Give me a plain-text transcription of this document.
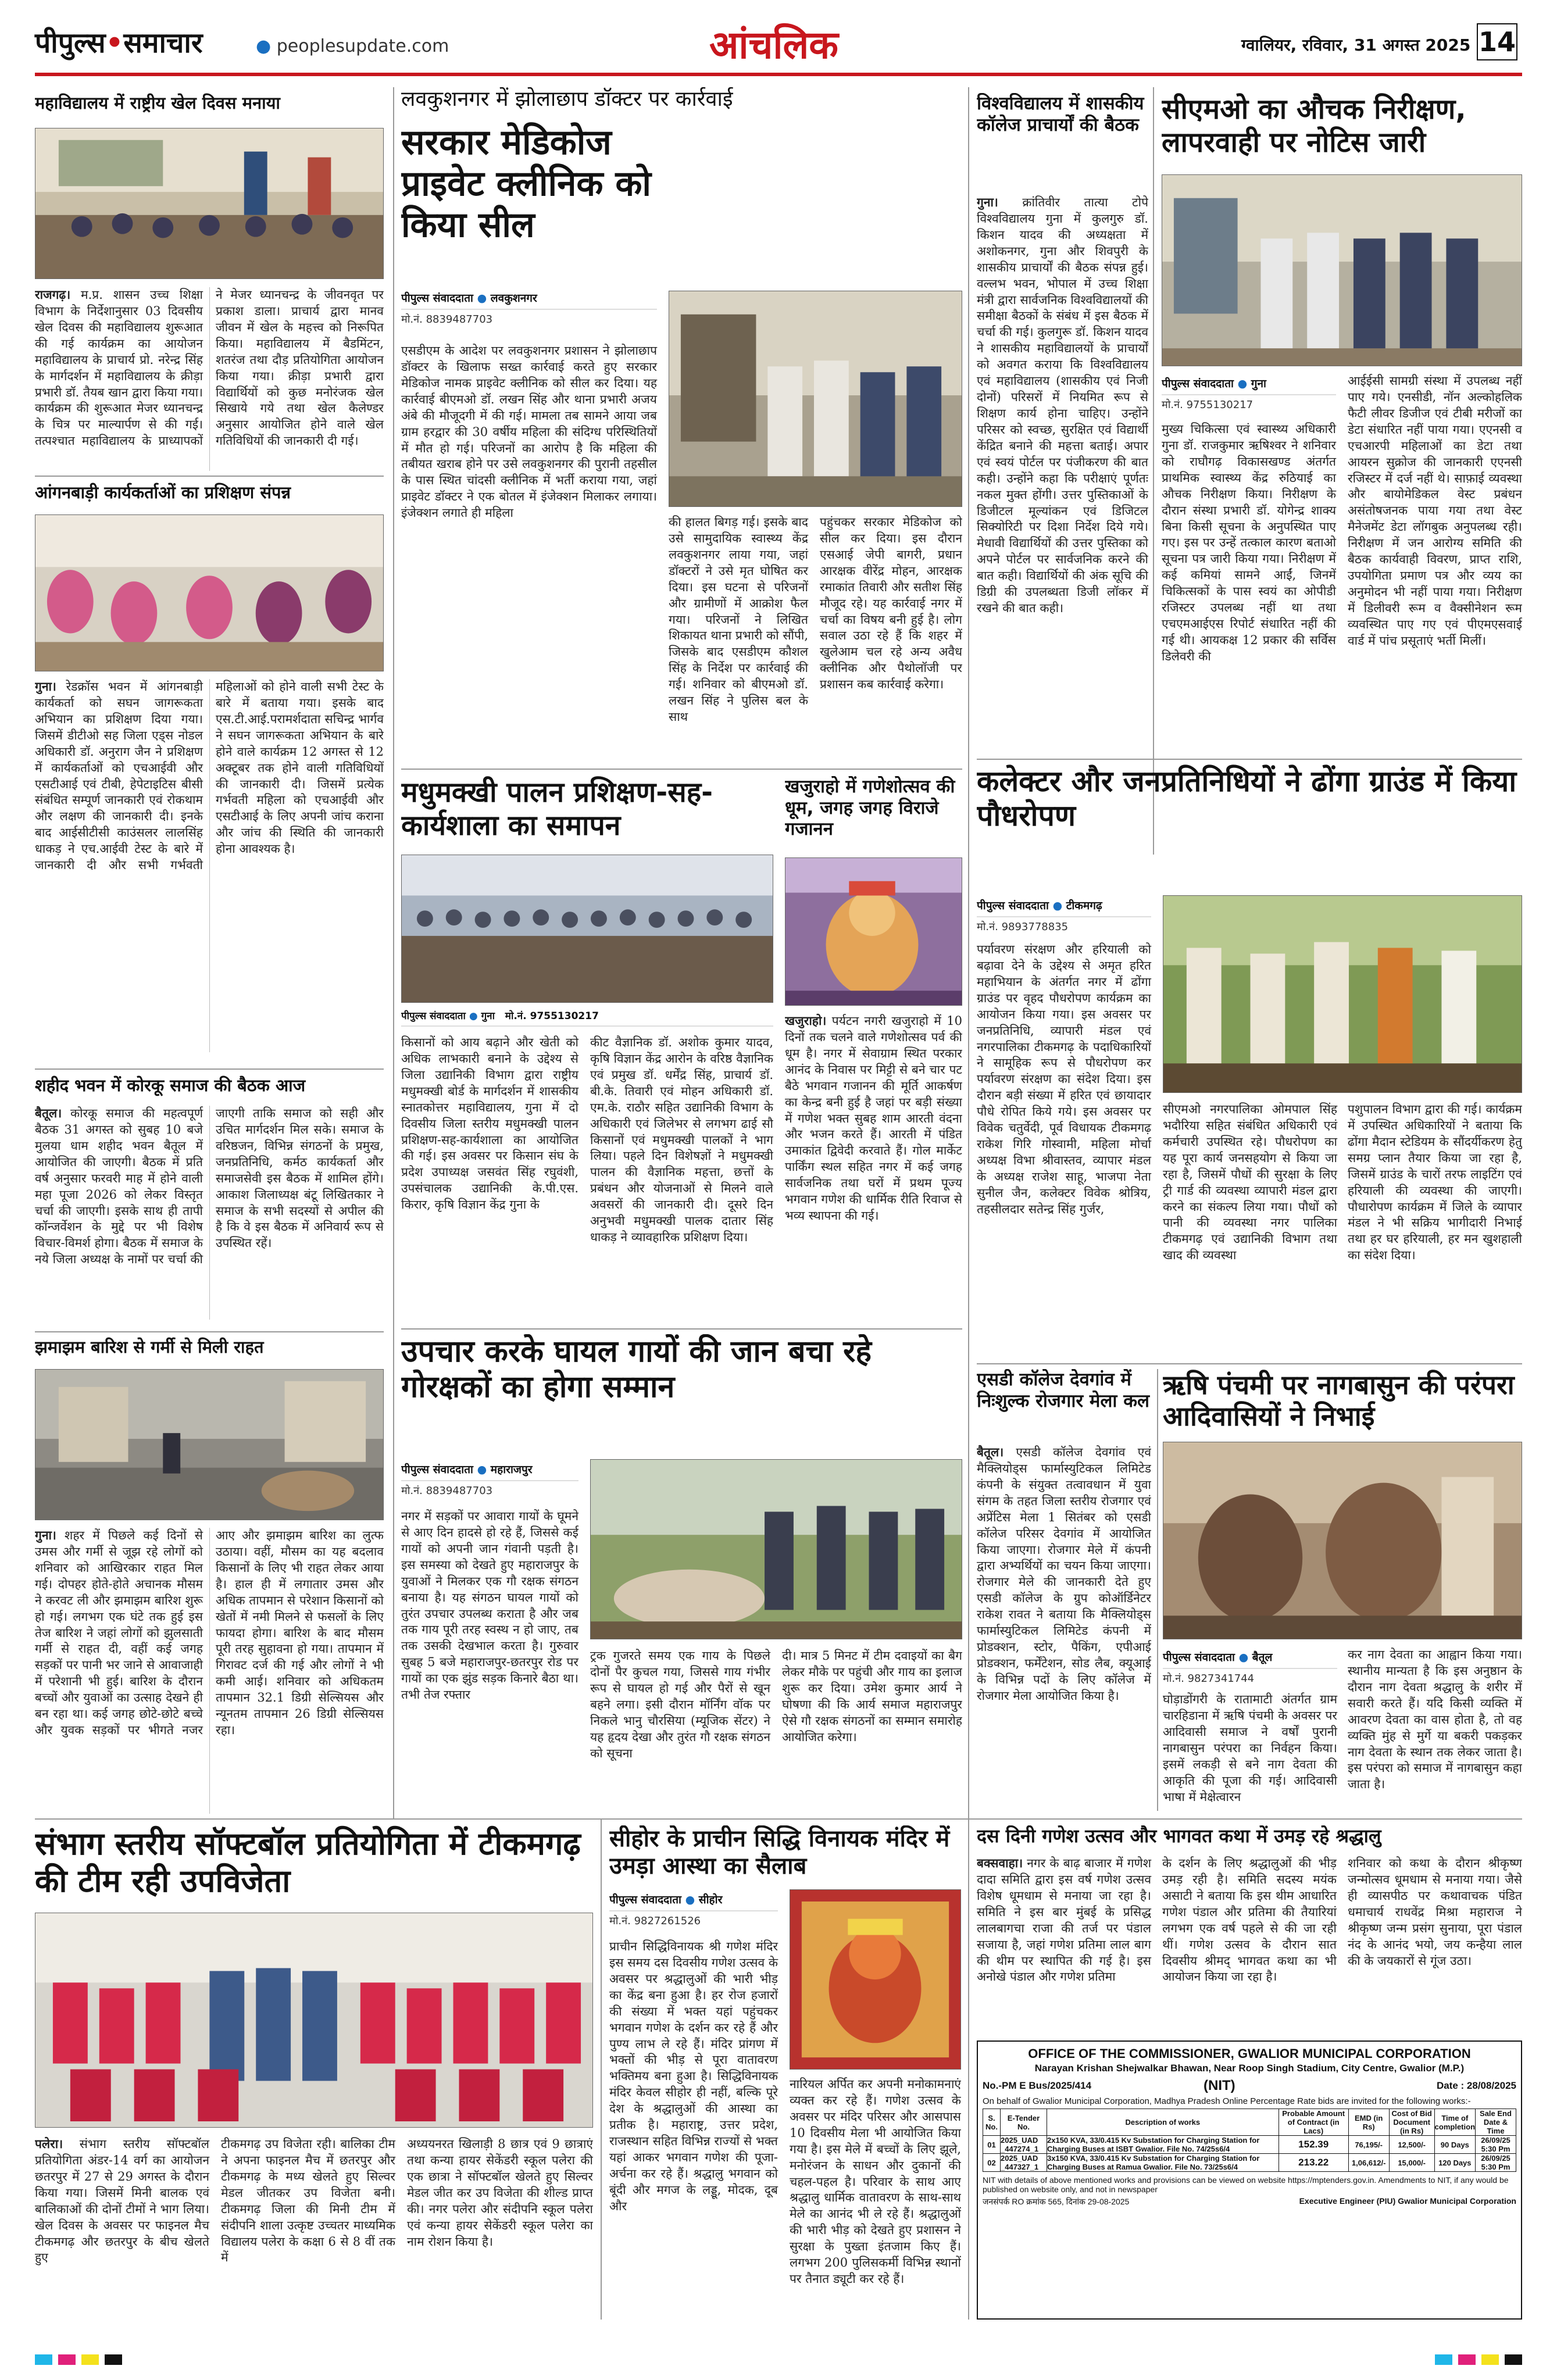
पीपुल्स•समाचार	● peoplesupdate.com	आंचलिक	ग्वालियर, रविवार, 31 अगस्त 2025 14
महाविद्यालय में राष्ट्रीय खेल दिवस मनाया
राजगढ़। म.प्र. शासन उच्च शिक्षा विभाग के निर्देशानुसार 03 दिवसीय खेल दिवस की महाविद्यालय शुरूआत की गई कार्यक्रम का आयोजन महाविद्यालय के प्राचार्य प्रो. नरेन्द्र सिंह के मार्गदर्शन में महाविद्यालय के क्रीड़ा प्रभारी डॉ. तैयब खान द्वारा किया गया। कार्यक्रम की शुरूआत मेजर ध्यानचन्द्र के चित्र पर माल्यार्पण से की गई। तत्पश्चात महाविद्यालय के प्राध्यापकों ने मेजर ध्यानचन्द्र के जीवनवृत पर प्रकाश डाला। प्राचार्य द्वारा मानव जीवन में खेल के महत्त्व को निरूपित किया। महाविद्यालय में बैडमिंटन, शतरंज तथा दौड़ प्रतियोगिता आयोजन किया गया। क्रीड़ा प्रभारी द्वारा विद्यार्थियों को कुछ मनोरंजक खेल सिखाये गये तथा खेल कैलेण्डर अनुसार आयोजित होने वाले खेल गतिविधियों की जानकारी दी गई।
आंगनबाड़ी कार्यकर्ताओं का प्रशिक्षण संपन्न
गुना। रेडक्रॉस भवन में आंगनबाड़ी कार्यकर्ता को सघन जागरूकता अभियान का प्रशिक्षण दिया गया। जिसमें डीटीओ सह जिला एड्स नोडल अधिकारी डॉ. अनुराग जैन ने प्रशिक्षण में कार्यकर्ताओं को एचआईवी और एसटीआई एवं टीबी, हेपेटाइटिस बीसी संबंधित सम्पूर्ण जानकारी एवं रोकथाम और लक्षण की जानकारी दी। इनके बाद आईसीटीसी काउंसलर लालसिंह धाकड़ ने एच.आईवी टेस्ट के बारे में जानकारी दी और सभी गर्भवती महिलाओं को होने वाली सभी टेस्ट के बारे में बताया गया। इसके बाद एस.टी.आई.परामर्शदाता सचिन्द्र भार्गव ने सघन जागरूकता अभियान के बारे होने वाले कार्यक्रम 12 अगस्त से 12 अक्टूबर तक होने वाली गतिविधियों की जानकारी दी। जिसमें प्रत्येक गर्भवती महिला को एचआईवी और एसटीआई के लिए अपनी जांच कराना और जांच की स्थिति की जानकारी होना आवश्यक है।
शहीद भवन में कोरकू समाज की बैठक आज
बैतूल। कोरकू समाज की महत्वपूर्ण बैठक 31 अगस्त को सुबह 10 बजे मुलया धाम शहीद भवन बैतूल में आयोजित की जाएगी। बैठक में प्रति वर्ष अनुसार फरवरी माह में होने वाली महा पूजा 2026 को लेकर विस्तृत चर्चा की जाएगी। इसके साथ ही तापी कॉन्जर्वेशन के मुद्दे पर भी विशेष विचार-विमर्श होगा। बैठक में समाज के नये जिला अध्यक्ष के नामों पर चर्चा की जाएगी ताकि समाज को सही और उचित मार्गदर्शन मिल सके। समाज के वरिष्ठजन, विभिन्न संगठनों के प्रमुख, जनप्रतिनिधि, कर्मठ कार्यकर्ता और समाजसेवी इस बैठक में शामिल होंगे। आकाश जिलाध्यक्ष बंटू लिखितकार ने समाज के सभी सदस्यों से अपील की है कि वे इस बैठक में अनिवार्य रूप से उपस्थित रहें।
झमाझम बारिश से गर्मी से मिली राहत
गुना। शहर में पिछले कई दिनों से उमस और गर्मी से जूझ रहे लोगों को शनिवार को आखिरकार राहत मिल गई। दोपहर होते-होते अचानक मौसम ने करवट ली और झमाझम बारिश शुरू हो गई। लगभग एक घंटे तक हुई इस तेज बारिश ने जहां लोगों को झुलसाती गर्मी से राहत दी, वहीं कई जगह सड़कों पर पानी भर जाने से आवाजाही में परेशानी भी हुई। बारिश के दौरान बच्चों और युवाओं का उत्साह देखने ही बन रहा था। कई जगह छोटे-छोटे बच्चे और युवक सड़कों पर भीगते नजर आए और झमाझम बारिश का लुत्फ उठाया। वहीं, मौसम का यह बदलाव किसानों के लिए भी राहत लेकर आया है। हाल ही में लगातार उमस और अधिक तापमान से परेशान किसानों को खेतों में नमी मिलने से फसलों के लिए फायदा होगा। बारिश के बाद मौसम पूरी तरह सुहावना हो गया। तापमान में गिरावट दर्ज की गई और लोगों ने भी कमी आई। शनिवार को अधिकतम तापमान 32.1 डिग्री सेल्सियस और न्यूनतम तापमान 26 डिग्री सेल्सियस रहा।
लवकुशनगर में झोलाछाप डॉक्टर पर कार्रवाई
सरकार मेडिकोज प्राइवेट क्लीनिक को किया सील
पीपुल्स संवाददाता ● लवकुशनगर
मो.नं. 8839487703
एसडीएम के आदेश पर लवकुशनगर प्रशासन ने झोलाछाप डॉक्टर के खिलाफ सख्त कार्रवाई करते हुए सरकार मेडिकोज नामक प्राइवेट क्लीनिक को सील कर दिया। यह कार्रवाई बीएमओ डॉ. लखन सिंह और थाना प्रभारी अजय अंबे की मौजूदगी में की गई। मामला तब सामने आया जब ग्राम हरद्वार की 30 वर्षीय महिला की संदिग्ध परिस्थितियों में मौत हो गई। परिजनों का आरोप है कि महिला की तबीयत खराब होने पर उसे लवकुशनगर की पुरानी तहसील के पास स्थित चांदसी क्लीनिक में भर्ती कराया गया, जहां प्राइवेट डॉक्टर ने एक बोतल में इंजेक्शन मिलाकर लगाया। इंजेक्शन लगाते ही महिला
की हालत बिगड़ गई। इसके बाद उसे सामुदायिक स्वास्थ्य केंद्र लवकुशनगर लाया गया, जहां डॉक्टरों ने उसे मृत घोषित कर दिया। इस घटना से परिजनों और ग्रामीणों में आक्रोश फैल गया। परिजनों ने लिखित शिकायत थाना प्रभारी को सौंपी, जिसके बाद एसडीएम कौशल सिंह के निर्देश पर कार्रवाई की गई। शनिवार को बीएमओ डॉ. लखन सिंह ने पुलिस बल के साथ
पहुंचकर सरकार मेडिकोज को सील कर दिया। इस दौरान एसआई जेपी बागरी, प्रधान आरक्षक वीरेंद्र मोहन, आरक्षक रमाकांत तिवारी और सतीश सिंह मौजूद रहे। यह कार्रवाई नगर में चर्चा का विषय बनी हुई है। लोग सवाल उठा रहे हैं कि शहर में खुलेआम चल रहे अन्य अवैध क्लीनिक और पैथोलॉजी पर प्रशासन कब कार्रवाई करेगा।
मधुमक्खी पालन प्रशिक्षण-सह-कार्यशाला का समापन
पीपुल्स संवाददाता ● गुना मो.नं. 9755130217
किसानों को आय बढ़ाने और खेती को अधिक लाभकारी बनाने के उद्देश्य से जिला उद्यानिकी विभाग द्वारा राष्ट्रीय मधुमक्खी बोर्ड के मार्गदर्शन में शासकीय स्नातकोत्तर महाविद्यालय, गुना में दो दिवसीय जिला स्तरीय मधुमक्खी पालन प्रशिक्षण-सह-कार्यशाला का आयोजित की गई। इस अवसर पर किसान संघ के प्रदेश उपाध्यक्ष जसवंत सिंह रघुवंशी, उपसंचालक उद्यानिकी के.पी.एस. किरार, कृषि विज्ञान केंद्र गुना के
कीट वैज्ञानिक डॉ. अशोक कुमार यादव, कृषि विज्ञान केंद्र आरोन के वरिष्ठ वैज्ञानिक एवं प्रमुख डॉ. धर्मेंद्र सिंह, प्राचार्य डॉ. बी.के. तिवारी एवं मोहन अधिकारी डॉ. एम.के. राठौर सहित उद्यानिकी विभाग के अधिकारी एवं जिलेभर से लगभग ढाई सौ किसानों एवं मधुमक्खी पालकों ने भाग लिया। पहले दिन विशेषज्ञों ने मधुमक्खी पालन की वैज्ञानिक महत्ता, छत्तों के प्रबंधन और योजनाओं से मिलने वाले अवसरों की जानकारी दी। दूसरे दिन अनुभवी मधुमक्खी पालक दातार सिंह धाकड़ ने व्यावहारिक प्रशिक्षण दिया।
खजुराहो में गणेशोत्सव की धूम, जगह जगह विराजे गजानन
खजुराहो। पर्यटन नगरी खजुराहो में 10 दिनों तक चलने वाले गणेशोत्सव पर्व की धूम है। नगर में सेवाग्राम स्थित परकार आनंद के निवास पर मिट्टी से बने चार पट बैठे भगवान गजानन की मूर्ति आकर्षण का केन्द्र बनी हुई है जहां पर बड़ी संख्या में गणेश भक्त सुबह शाम आरती वंदना और भजन करते हैं। आरती में पंडित उमाकांत द्विवेदी करवाते हैं। गोल मार्केट पार्किंग स्थल सहित नगर में कई जगह सार्वजनिक तथा घरों में प्रथम पूज्य भगवान गणेश की धार्मिक रीति रिवाज से भव्य स्थापना की गई।
उपचार करके घायल गायों की जान बचा रहे गोरक्षकों का होगा सम्मान
पीपुल्स संवाददाता ● महाराजपुर
मो.नं. 8839487703
नगर में सड़कों पर आवारा गायों के घूमने से आए दिन हादसे हो रहे हैं, जिससे कई गायों को अपनी जान गंवानी पड़ती है। इस समस्या को देखते हुए महाराजपुर के युवाओं ने मिलकर एक गौ रक्षक संगठन बनाया है। यह संगठन घायल गायों को तुरंत उपचार उपलब्ध कराता है और जब तक गाय पूरी तरह स्वस्थ न हो जाए, तब तक उसकी देखभाल करता है। गुरुवार सुबह 5 बजे महाराजपुर-छतरपुर रोड पर गायों का एक झुंड सड़क किनारे बैठा था। तभी तेज रफ्तार
ट्रक गुजरते समय एक गाय के पिछले दोनों पैर कुचल गया, जिससे गाय गंभीर रूप से घायल हो गई और पैरों से खून बहने लगा। इसी दौरान मॉर्निंग वॉक पर निकले भानु चौरसिया (म्यूजिक सेंटर) ने यह हृदय देखा और तुरंत गौ रक्षक संगठन को सूचना
दी। मात्र 5 मिनट में टीम दवाइयों का बैग लेकर मौके पर पहुंची और गाय का इलाज शुरू कर दिया। उमेश कुमार आर्य ने घोषणा की कि आर्य समाज महाराजपुर ऐसे गौ रक्षक संगठनों का सम्मान समारोह आयोजित करेगा।
विश्वविद्यालय में शासकीय कॉलेज प्राचार्यों की बैठक
गुना। क्रांतिवीर तात्या टोपे विश्वविद्यालय गुना में कुलगुरु डॉ. किशन यादव की अध्यक्षता में अशोकनगर, गुना और शिवपुरी के शासकीय प्राचार्यों की बैठक संपन्न हुई। वल्लभ भवन, भोपाल में उच्च शिक्षा मंत्री द्वारा सार्वजनिक विश्वविद्यालयों की समीक्षा बैठकों के संबंध में इस बैठक में चर्चा की गई। कुलगुरू डॉ. किशन यादव ने शासकीय महाविद्यालयों के प्राचार्यों को अवगत कराया कि विश्वविद्यालय एवं महाविद्यालय (शासकीय एवं निजी दोनों) परिसरों में नियमित रूप से शिक्षण कार्य होना चाहिए। उन्होंने परिसर को स्वच्छ, सुरक्षित एवं विद्यार्थी केंद्रित बनाने की महत्ता बताई। अपार एवं स्वयं पोर्टल पर पंजीकरण की बात कही। उन्होंने कहा कि परीक्षाएं पूर्णतः नकल मुक्त होंगी। उत्तर पुस्तिकाओं के डिजीटल मूल्यांकन एवं डिजिटल सिक्योरिटी पर दिशा निर्देश दिये गये। मेधावी विद्यार्थियों की उत्तर पुस्तिका को अपने पोर्टल पर सार्वजनिक करने की बात कही। विद्यार्थियों की अंक सूचि की डिग्री की उपलब्धता डिजी लॉकर में रखने की बात कही।
सीएमओ का औचक निरीक्षण, लापरवाही पर नोटिस जारी
पीपुल्स संवाददाता ● गुना
मो.नं. 9755130217
मुख्य चिकित्सा एवं स्वास्थ्य अधिकारी गुना डॉ. राजकुमार ऋषिश्वर ने शनिवार को राघौगढ़ विकासखण्ड अंतर्गत प्राथमिक स्वास्थ्य केंद्र रुठियाई का औचक निरीक्षण किया। निरीक्षण के दौरान संस्था प्रभारी डॉ. योगेन्द्र शाक्य बिना किसी सूचना के अनुपस्थित पाए गए। इस पर उन्हें तत्काल कारण बताओ सूचना पत्र जारी किया गया। निरीक्षण में कई कमियां सामने आईं, जिनमें चिकित्सकों के पास स्वयं का ओपीडी रजिस्टर उपलब्ध नहीं था तथा एचएमआईएस रिपोर्ट संधारित नहीं की गई थी। आयकक्ष 12 प्रकार की सर्विस डिलेवरी की
आईईसी सामग्री संस्था में उपलब्ध नहीं पाए गये। एनसीडी, नॉन अल्कोहलिक फैटी लीवर डिजीज एवं टीबी मरीजों का डेटा संधारित नहीं पाया गया। एएनसी व एचआरपी महिलाओं का डेटा तथा आयरन सुक्रोज की जानकारी एएनसी रजिस्टर में दर्ज नहीं थे। साफ़ाई व्यवस्था और बायोमेडिकल वेस्ट प्रबंधन असंतोषजनक पाया गया तथा वेस्ट मैनेजमेंट डेटा लॉगबुक अनुपलब्ध रही। निरीक्षण में जन आरोग्य समिति की बैठक कार्यवाही विवरण, प्राप्त राशि, उपयोगिता प्रमाण पत्र और व्यय का अनुमोदन भी नहीं पाया गया। निरीक्षण में डिलीवरी रूम व वैक्सीनेशन रूम व्यवस्थित पाए गए एवं पीएमएसवाई वार्ड में पांच प्रसूताएं भर्ती मिलीं।
कलेक्टर और जनप्रतिनिधियों ने ढोंगा ग्राउंड में किया पौधरोपण
पीपुल्स संवाददाता ● टीकमगढ़
मो.नं. 9893778835
पर्यावरण संरक्षण और हरियाली को बढ़ावा देने के उद्देश्य से अमृत हरित महाभियान के अंतर्गत नगर में ढोंगा ग्राउंड पर वृहद पौधरोपण कार्यक्रम का आयोजन किया गया। इस अवसर पर जनप्रतिनिधि, व्यापारी मंडल एवं नगरपालिका टीकमगढ़ के पदाधिकारियों ने सामूहिक रूप से पौधरोपण कर पर्यावरण संरक्षण का संदेश दिया। इस दौरान बड़ी संख्या में हरित एवं छायादार पौधे रोपित किये गये। इस अवसर पर विवेक चतुर्वेदी, पूर्व विधायक टीकमगढ़ राकेश गिरि गोस्वामी, महिला मोर्चा अध्यक्ष विभा श्रीवास्तव, व्यापार मंडल के अध्यक्ष राजेश साहू, भाजपा नेता सुनील जैन, कलेक्टर विवेक श्रोत्रिय, तहसीलदार सतेन्द्र सिंह गुर्जर,
सीएमओ नगरपालिका ओमपाल सिंह भदौरिया सहित संबंधित अधिकारी एवं कर्मचारी उपस्थित रहे। पौधरोपण का यह पूरा कार्य जनसहयोग से किया जा रहा है, जिसमें पौधों की सुरक्षा के लिए ट्री गार्ड की व्यवस्था व्यापारी मंडल द्वारा करने का संकल्प लिया गया। पौधों को पानी की व्यवस्था नगर पालिका टीकमगढ़ एवं उद्यानिकी विभाग तथा खाद की व्यवस्था
पशुपालन विभाग द्वारा की गई। कार्यक्रम में उपस्थित अधिकारियों ने बताया कि ढोंगा मैदान स्टेडियम के सौंदर्यीकरण हेतु समग्र प्लान तैयार किया जा रहा है, जिसमें ग्राउंड के चारों तरफ लाइटिंग एवं हरियाली की व्यवस्था की जाएगी। पौधारोपण कार्यक्रम में जिले के व्यापार मंडल ने भी सक्रिय भागीदारी निभाई तथा हर घर हरियाली, हर मन खुशहाली का संदेश दिया।
एसडी कॉलेज देवगांव में निःशुल्क रोजगार मेला कल
बैतूल। एसडी कॉलेज देवगांव एवं मैक्लियोड्स फार्मास्युटिकल लिमिटेड कंपनी के संयुक्त तत्वावधान में युवा संगम के तहत जिला स्तरीय रोजगार एवं अप्रेंटिस मेला 1 सितंबर को एसडी कॉलेज परिसर देवगांव में आयोजित किया जाएगा। रोजगार मेले में कंपनी द्वारा अभ्यर्थियों का चयन किया जाएगा। रोजगार मेले की जानकारी देते हुए एसडी कॉलेज के ग्रुप कोऑर्डिनेटर राकेश रावत ने बताया कि मैक्लियोड्स फार्मास्युटिकल लिमिटेड कंपनी में प्रोडक्शन, स्टोर, पैकिंग, एपीआई प्रोडक्शन, फर्मेंटेशन, सोड लैब, क्यूआई के विभिन्न पदों के लिए कॉलेज में रोजगार मेला आयोजित किया है।
ऋषि पंचमी पर नागबासुन की परंपरा आदिवासियों ने निभाई
पीपुल्स संवाददाता ● बैतूल
मो.नं. 9827341744
घोड़ाडोंगरी के रातामाटी अंतर्गत ग्राम चारहिडाना में ऋषि पंचमी के अवसर पर आदिवासी समाज ने वर्षों पुरानी नागबासुन परंपरा का निर्वहन किया। इसमें लकड़ी से बने नाग देवता की आकृति की पूजा की गई। आदिवासी भाषा में मेक्षेत्वारन
कर नाग देवता का आह्वान किया गया। स्थानीय मान्यता है कि इस अनुष्ठान के दौरान नाग देवता श्रद्धालु के शरीर में सवारी करते हैं। यदि किसी व्यक्ति में आवरण देवता का वास होता है, तो वह व्यक्ति मुंह से मुर्गे या बकरी पकड़कर नाग देवता के स्थान तक लेकर जाता है। इस परंपरा को समाज में नागबासुन कहा जाता है।
संभाग स्तरीय सॉफ्टबॉल प्रतियोगिता में टीकमगढ़ की टीम रही उपविजेता
पलेरा। संभाग स्तरीय सॉफ्टबॉल प्रतियोगिता अंडर-14 वर्ग का आयोजन छतरपुर में 27 से 29 अगस्त के दौरान किया गया। जिसमें मिनी बालक एवं बालिकाओं की दोनों टीमों ने भाग लिया। खेल दिवस के अवसर पर फाइनल मैच टीकमगढ़ और छतरपुर के बीच खेलते हुए
टीकमगढ़ उप विजेता रही। बालिका टीम ने अपना फाइनल मैच में छतरपुर और टीकमगढ़ के मध्य खेलते हुए सिल्वर मेडल जीतकर उप विजेता बनी। टीकमगढ़ जिला की मिनी टीम में संदीपनि शाला उत्कृष्ट उच्चतर माध्यमिक विद्यालय पलेरा के कक्षा 6 से 8 वीं तक में
अध्ययनरत खिलाड़ी 8 छात्र एवं 9 छात्राएं तथा कन्या हायर सेकेंडरी स्कूल पलेरा की एक छात्रा ने सॉफ्टबॉल खेलते हुए सिल्वर मेडल जीत कर उप विजेता की शील्ड प्राप्त की। नगर पलेरा और संदीपनि स्कूल पलेरा एवं कन्या हायर सेकेंडरी स्कूल पलेरा का नाम रोशन किया है।
सीहोर के प्राचीन सिद्धि विनायक मंदिर में उमड़ा आस्था का सैलाब
पीपुल्स संवाददाता ● सीहोर
मो.नं. 9827261526
प्राचीन सिद्धिविनायक श्री गणेश मंदिर इस समय दस दिवसीय गणेश उत्सव के अवसर पर श्रद्धालुओं की भारी भीड़ का केंद्र बना हुआ है। हर रोज हजारों की संख्या में भक्त यहां पहुंचकर भगवान गणेश के दर्शन कर रहे हैं और पुण्य लाभ ले रहे हैं। मंदिर प्रांगण में भक्तों की भीड़ से पूरा वातावरण भक्तिमय बना हुआ है। सिद्धिविनायक मंदिर केवल सीहोर ही नहीं, बल्कि पूरे देश के श्रद्धालुओं की आस्था का प्रतीक है। महाराष्ट्र, उत्तर प्रदेश, राजस्थान सहित विभिन्न राज्यों से भक्त यहां आकर भगवान गणेश की पूजा-अर्चना कर रहे हैं। श्रद्धालु भगवान को बूंदी और मगज के लड्डू, मोदक, दूब और
नारियल अर्पित कर अपनी मनोकामनाएं व्यक्त कर रहे हैं। गणेश उत्सव के अवसर पर मंदिर परिसर और आसपास 10 दिवसीय मेला भी आयोजित किया गया है। इस मेले में बच्चों के लिए झूले, मनोरंजन के साधन और दुकानों की चहल-पहल है। परिवार के साथ आए श्रद्धालु धार्मिक वातावरण के साथ-साथ मेले का आनंद भी ले रहे हैं। श्रद्धालुओं की भारी भीड़ को देखते हुए प्रशासन ने सुरक्षा के पुख्ता इंतजाम किए हैं। लगभग 200 पुलिसकर्मी विभिन्न स्थानों पर तैनात ड्यूटी कर रहे हैं।
दस दिनी गणेश उत्सव और भागवत कथा में उमड़ रहे श्रद्धालु
बक्सवाहा। नगर के बाढ़ बाजार में गणेश दादा समिति द्वारा इस वर्ष गणेश उत्सव विशेष धूमधाम से मनाया जा रहा है। समिति ने इस बार मुंबई के प्रसिद्ध लालबागचा राजा की तर्ज पर पंडाल सजाया है, जहां गणेश प्रतिमा लाल बाग की थीम पर स्थापित की गई है। इस अनोखे पंडाल और गणेश प्रतिमा
के दर्शन के लिए श्रद्धालुओं की भीड़ उमड़ रही है। समिति सदस्य मयंक असाटी ने बताया कि इस थीम आधारित गणेश पंडाल और प्रतिमा की तैयारियां लगभग एक वर्ष पहले से की जा रही थीं। गणेश उत्सव के दौरान सात दिवसीय श्रीमद् भागवत कथा का भी आयोजन किया जा रहा है।
शनिवार को कथा के दौरान श्रीकृष्ण जन्मोत्सव धूमधाम से मनाया गया। जैसे ही व्यासपीठ पर कथावाचक पंडित धमाचार्य राधवेंद्र मिश्रा महाराज ने श्रीकृष्ण जन्म प्रसंग सुनाया, पूरा पंडाल नंद के आनंद भयो, जय कन्हैया लाल की के जयकारों से गूंज उठा।
OFFICE OF THE COMMISSIONER, GWALIOR MUNICIPAL CORPORATION
Narayan Krishan Shejwalkar Bhawan, Near Roop Singh Stadium, City Centre, Gwalior (M.P.)
No.-PM E Bus/2025/414	(NIT)	Date : 28/08/2025
On behalf of Gwalior Municipal Corporation, Madhya Pradesh Online Percentage Rate bids are invited for the following works:-
S. No.	E-Tender No.	Description of works	Probable Amount of Contract (in Lacs)	EMD (in Rs)	Cost of Bid Document (in Rs)	Time of completion	Sale End Date & Time
01	2025_UAD _447274_1	2x150 KVA, 33/0.415 Kv Substation for Charging Station for Charging Buses at ISBT Gwalior. File No. 74/25s6/4	152.39	76,195/-	12,500/-	90 Days	26/09/25 5:30 Pm
02	2025_UAD _447327_1	3x150 KVA, 33/0.415 Kv Substation for Charging Station for Charging Buses at Ramua Gwalior. File No. 73/25s6/4	213.22	1,06,612/-	15,000/-	120 Days	26/09/25 5:30 Pm
NIT with details of above mentioned works and provisions can be viewed on website https://mptenders.gov.in. Amendments to NIT, if any would be published on website only, and not in newspaper
जनसंपर्क RO क्रमांक 565, दिनांक 29-08-2025	Executive Engineer (PIU) Gwalior Municipal Corporation
